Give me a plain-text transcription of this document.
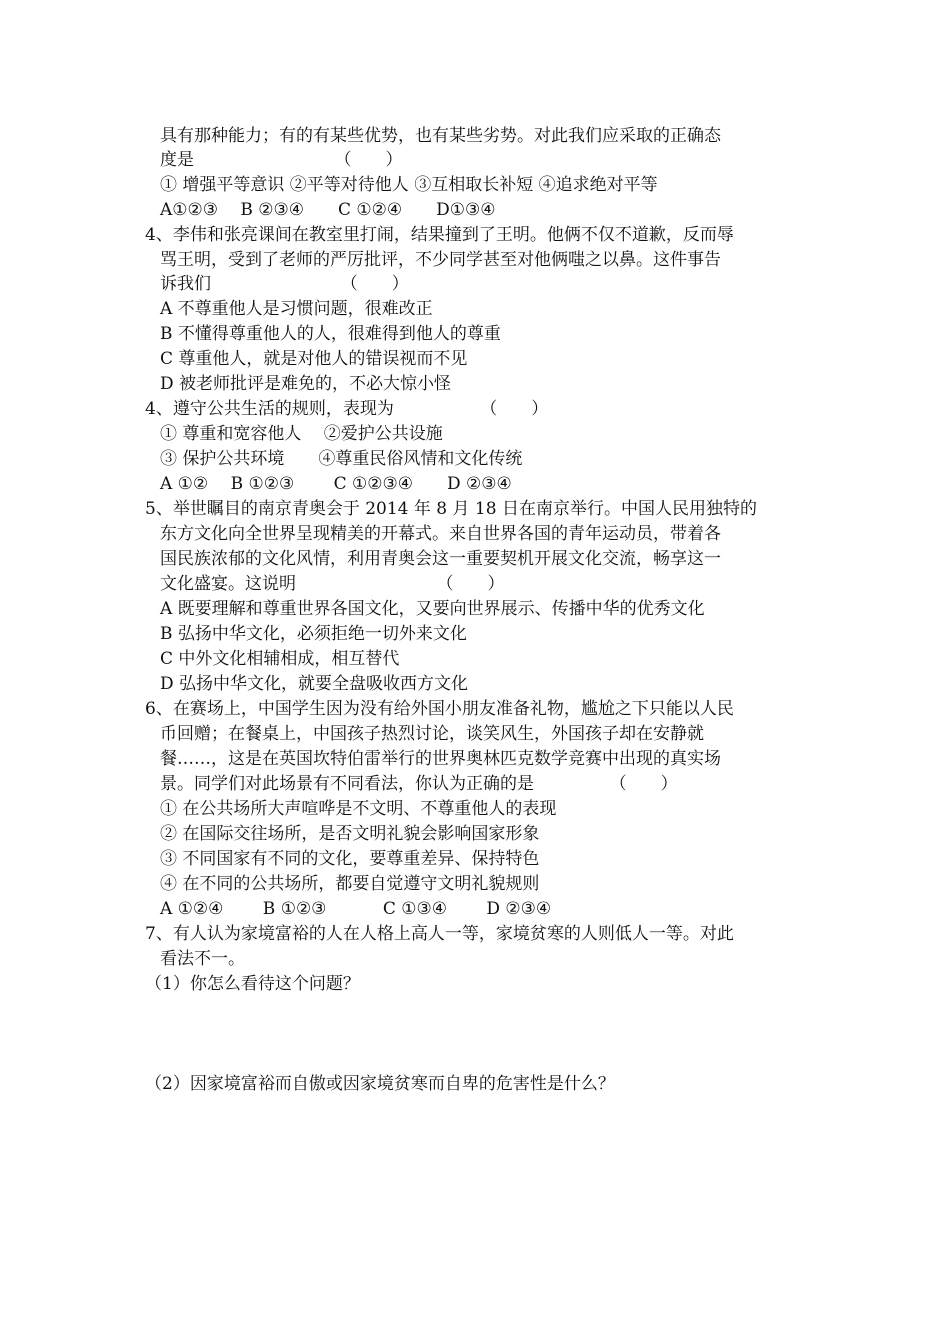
具有那种能力；有的有某些优势，也有某些劣势。对此我们应采取的正确态
度是                          （　　）
① 增强平等意识 ②平等对待他人 ③互相取长补短 ④追求绝对平等
A①②③　 B ②③④　　C ①②④　　D①③④
4、李伟和张亮课间在教室里打闹，结果撞到了王明。他俩不仅不道歉，反而辱
骂王明，受到了老师的严厉批评，不少同学甚至对他俩嗤之以鼻。这件事告
诉我们                        （　　）
A 不尊重他人是习惯问题，很难改正
B 不懂得尊重他人的人，很难得到他人的尊重
C 尊重他人，就是对他人的错误视而不见
D 被老师批评是难免的，不必大惊小怪
4、遵守公共生活的规则，表现为                （　　）
① 尊重和宽容他人　 ②爱护公共设施
③ 保护公共环境　　④尊重民俗风情和文化传统
A ①②　 B ①②③　　 C ①②③④　　D ②③④
5、举世瞩目的南京青奥会于 2014 年 8 月 18 日在南京举行。中国人民用独特的
东方文化向全世界呈现精美的开幕式。来自世界各国的青年运动员，带着各
国民族浓郁的文化风情，利用青奥会这一重要契机开展文化交流，畅享这一
文化盛宴。这说明                          （　　）
A 既要理解和尊重世界各国文化，又要向世界展示、传播中华的优秀文化
B 弘扬中华文化，必须拒绝一切外来文化
C 中外文化相辅相成，相互替代
D 弘扬中华文化，就要全盘吸收西方文化
6、在赛场上，中国学生因为没有给外国小朋友准备礼物，尴尬之下只能以人民
币回赠；在餐桌上，中国孩子热烈讨论，谈笑风生，外国孩子却在安静就
餐……，这是在英国坎特伯雷举行的世界奥林匹克数学竞赛中出现的真实场
景。同学们对此场景有不同看法，你认为正确的是              （　　）
① 在公共场所大声喧哗是不文明、不尊重他人的表现
② 在国际交往场所，是否文明礼貌会影响国家形象
③ 不同国家有不同的文化，要尊重差异、保持特色
④ 在不同的公共场所，都要自觉遵守文明礼貌规则
A ①②④　　 B ①②③　　　 C ①③④　　 D ②③④
7、有人认为家境富裕的人在人格上高人一等，家境贫寒的人则低人一等。对此
看法不一。
（1）你怎么看待这个问题？
（2）因家境富裕而自傲或因家境贫寒而自卑的危害性是什么？
